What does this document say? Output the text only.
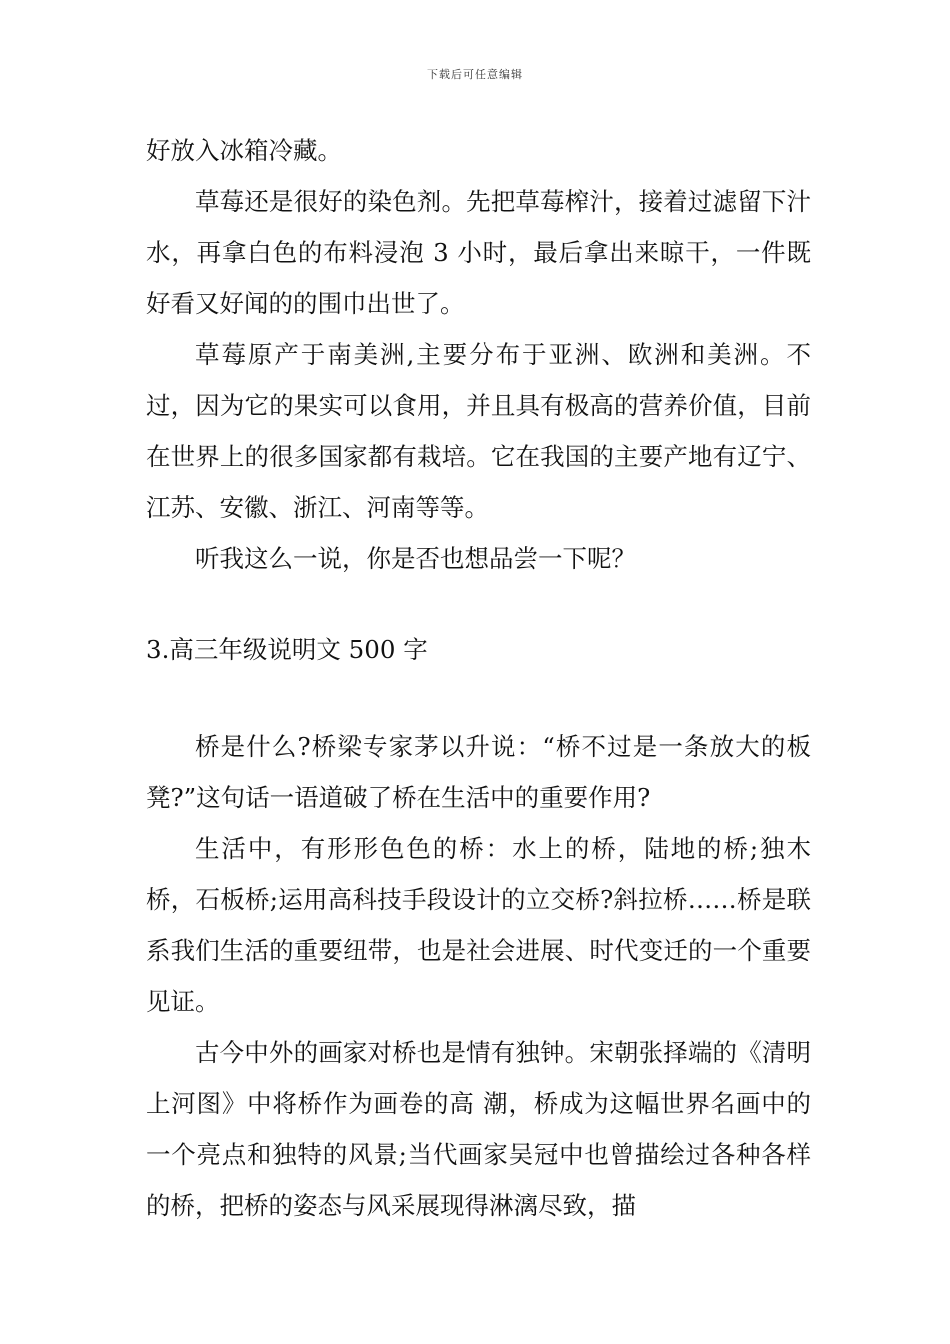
下载后可任意编辑

好放入冰箱冷藏。

草莓还是很好的染色剂。先把草莓榨汁，接着过滤留下汁水，再拿白色的布料浸泡 3 小时，最后拿出来晾干，一件既好看又好闻的的围巾出世了。

草莓原产于南美洲,主要分布于亚洲、欧洲和美洲。不过，因为它的果实可以食用，并且具有极高的营养价值，目前在世界上的很多国家都有栽培。它在我国的主要产地有辽宁、江苏、安徽、浙江、河南等等。

听我这么一说，你是否也想品尝一下呢？

3.高三年级说明文 500 字

桥是什么?桥梁专家茅以升说：“桥不过是一条放大的板凳?”这句话一语道破了桥在生活中的重要作用?

生活中，有形形色色的桥：水上的桥，陆地的桥;独木桥，石板桥;运用高科技手段设计的立交桥?斜拉桥……桥是联系我们生活的重要纽带，也是社会进展、时代变迁的一个重要见证。

古今中外的画家对桥也是情有独钟。宋朝张择端的《清明上河图》中将桥作为画卷的高 潮，桥成为这幅世界名画中的一个亮点和独特的风景;当代画家吴冠中也曾描绘过各种各样的桥，把桥的姿态与风采展现得淋漓尽致，描
